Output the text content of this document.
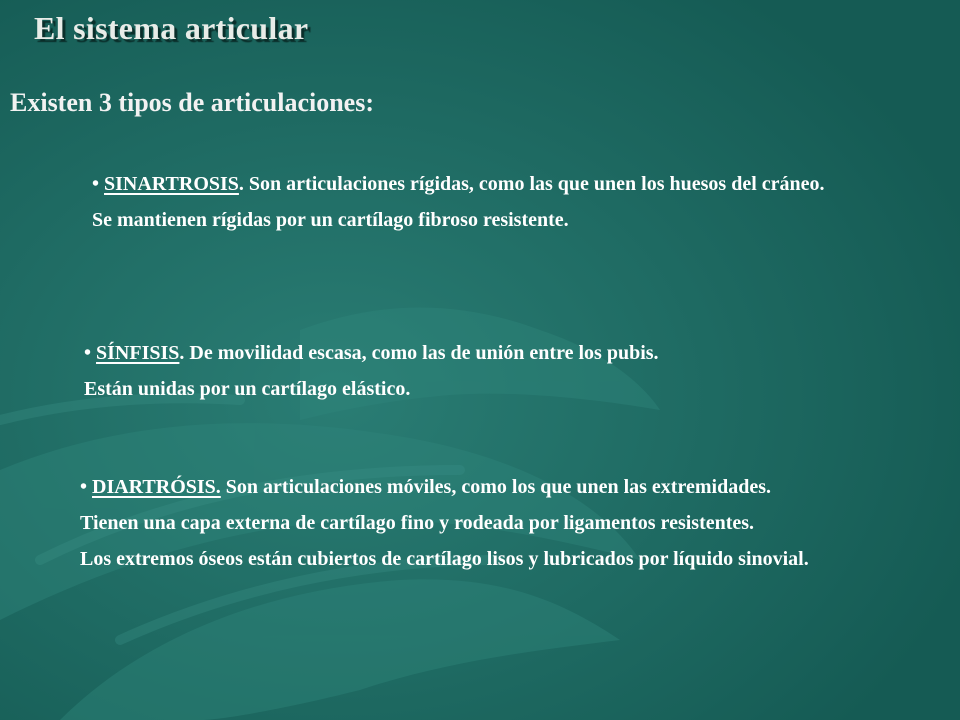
El sistema articular
Existen 3 tipos de articulaciones:

• SINARTROSIS. Son articulaciones rígidas, como las que unen los huesos del cráneo.

Se mantienen rígidas por un cartílago fibroso resistente.

• SÍNFISIS. De movilidad escasa, como las de unión entre los pubis.

Están unidas por un cartílago elástico.

• DIARTRÓSIS. Son articulaciones móviles, como los que unen las extremidades.

Tienen una capa externa de cartílago fino y rodeada por ligamentos resistentes.

Los extremos óseos están cubiertos de cartílago lisos y lubricados por líquido sinovial.
